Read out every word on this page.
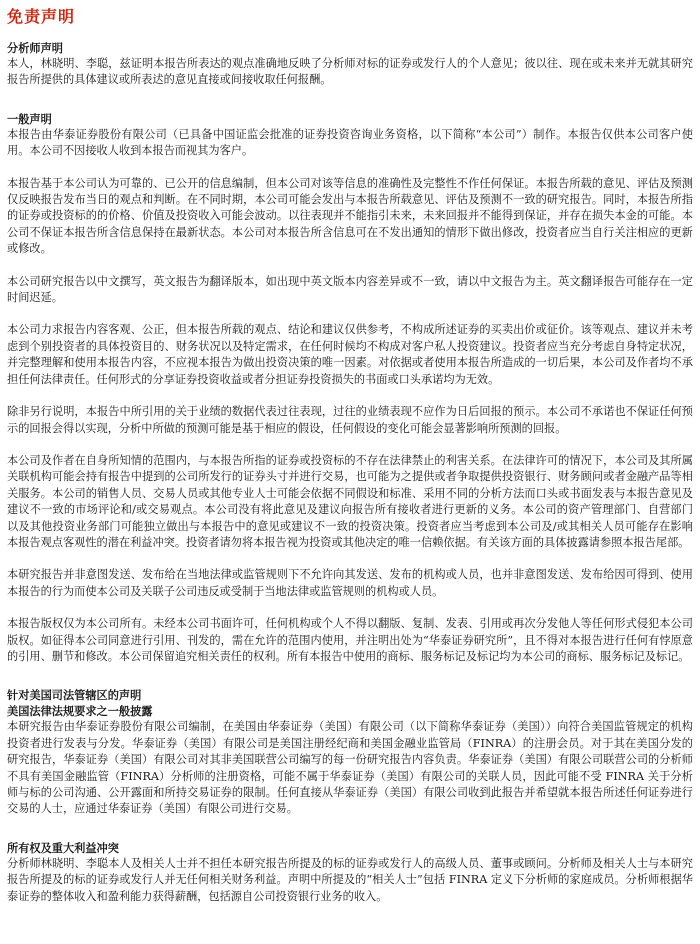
免责声明
分析师声明

本人，林晓明、李聪，兹证明本报告所表达的观点准确地反映了分析师对标的证券或发行人的个人意见；彼以往、现在或未来并无就其研究报告所提供的具体建议或所表迖的意见直接或间接收取任何报酬。

一般声明

本报告由华泰证券股份有限公司（已具备中国证监会批准的证券投资咨询业务资格，以下简称“本公司”）制作。本报告仅供本公司客户使用。本公司不因接收人收到本报告而视其为客户。

本报告基于本公司认为可靠的、已公开的信息编制，但本公司对该等信息的准确性及完整性不作任何保证。本报告所载的意见、评估及预测仅反映报告发布当日的观点和判断。在不同时期，本公司可能会发出与本报告所载意见、评估及预测不一致的研究报告。同时，本报告所指的证券或投资标的的价格、价值及投资收入可能会波动。以往表现并不能指引未来，未来回报并不能得到保证，并存在损失本金的可能。本公司不保证本报告所含信息保持在最新状态。本公司对本报告所含信息可在不发出通知的情形下做出修改，投资者应当自行关注相应的更新或修改。

本公司研究报告以中文撰写，英文报告为翻译版本，如出现中英文版本内容差异或不一致，请以中文报告为主。英文翻译报告可能存在一定时间迟延。

本公司力求报告内容客观、公正，但本报告所载的观点、结论和建议仅供参考，不构成所述证券的买卖出价或征价。该等观点、建议并未考虑到个别投资者的具体投资目的、财务状况以及特定需求，在任何时候均不构成对客户私人投资建议。投资者应当充分考虑自身特定状况，并完整理解和使用本报告内容，不应视本报告为做出投资决策的唯一因素。对依据或者使用本报告所造成的一切后果，本公司及作者均不承担任何法律责任。任何形式的分享证券投资收益或者分担证券投资损失的书面或口头承诺均为无效。

除非另行说明，本报告中所引用的关于业绩的数据代表过往表现，过往的业绩表现不应作为日后回报的预示。本公司不承诺也不保证任何预示的回报会得以实现，分析中所做的预测可能是基于相应的假设，任何假设的变化可能会显著影响所预测的回报。

本公司及作者在自身所知情的范围内，与本报告所指的证券或投资标的不存在法律禁止的利害关系。在法律许可的情况下，本公司及其所属关联机构可能会持有报告中提到的公司所发行的证券头寸并进行交易，也可能为之提供或者争取提供投资银行、财务顾问或者金融产品等相关服务。本公司的销售人员、交易人员或其他专业人士可能会依据不同假设和标准、采用不同的分析方法而口头或书面发表与本报告意见及建议不一致的市场评论和/或交易观点。本公司没有将此意见及建议向报告所有接收者进行更新的义务。本公司的资产管理部门、自营部门以及其他投资业务部门可能独立做出与本报告中的意见或建议不一致的投资决策。投资者应当考虑到本公司及/或其相关人员可能存在影响本报告观点客观性的潜在利益冲突。投资者请勿将本报告视为投资或其他决定的唯一信赖依据。有关该方面的具体披露请参照本报告尾部。

本研究报告并非意图发送、发布给在当地法律或监管规则下不允许向其发送、发布的机构或人员，也并非意图发送、发布给因可得到、使用本报告的行为而使本公司及关联子公司违反或受制于当地法律或监管规则的机构或人员。

本报告版权仅为本公司所有。未经本公司书面许可，任何机构或个人不得以翻版、复制、发表、引用或再次分发他人等任何形式侵犯本公司版权。如征得本公司同意进行引用、刊发的，需在允许的范围内使用，并注明出处为“华泰证券研究所”，且不得对本报告进行任何有悖原意的引用、删节和修改。本公司保留追究相关责任的权利。所有本报告中使用的商标、服务标记及标记均为本公司的商标、服务标记及标记。

针对美国司法管辖区的声明
美国法律法规要求之一般披露

本研究报告由华泰证券股份有限公司编制，在美国由华泰证券（美国）有限公司（以下简称华泰证券（美国））向符合美国监管规定的机构投资者进行发表与分发。华泰证券（美国）有限公司是美国注册经纪商和美国金融业监管局（FINRA）的注册会员。对于其在美国分发的研究报告，华泰证券（美国）有限公司对其非美国联营公司编写的每一份研究报告内容负责。华泰证券（美国）有限公司联营公司的分析师不具有美国金融监管（FINRA）分析师的注册资格，可能不属于华泰证券（美国）有限公司的关联人员，因此可能不受 FINRA 关于分析师与标的公司沟通、公开露面和所持交易证券的限制。任何直接从华泰证券（美国）有限公司收到此报告并希望就本报告所述任何证券进行交易的人士，应通过华泰证券（美国）有限公司进行交易。

所有权及重大利益冲突

分析师林晓明、李聪本人及相关人士并不担任本研究报告所提及的标的证券或发行人的高级人员、董事或顾问。分析师及相关人士与本研究报告所提及的标的证券或发行人并无任何相关财务利益。声明中所提及的“相关人士”包括 FINRA 定义下分析师的家庭成员。分析师根据华泰证券的整体收入和盈利能力获得薪酬，包括源自公司投资银行业务的收入。
